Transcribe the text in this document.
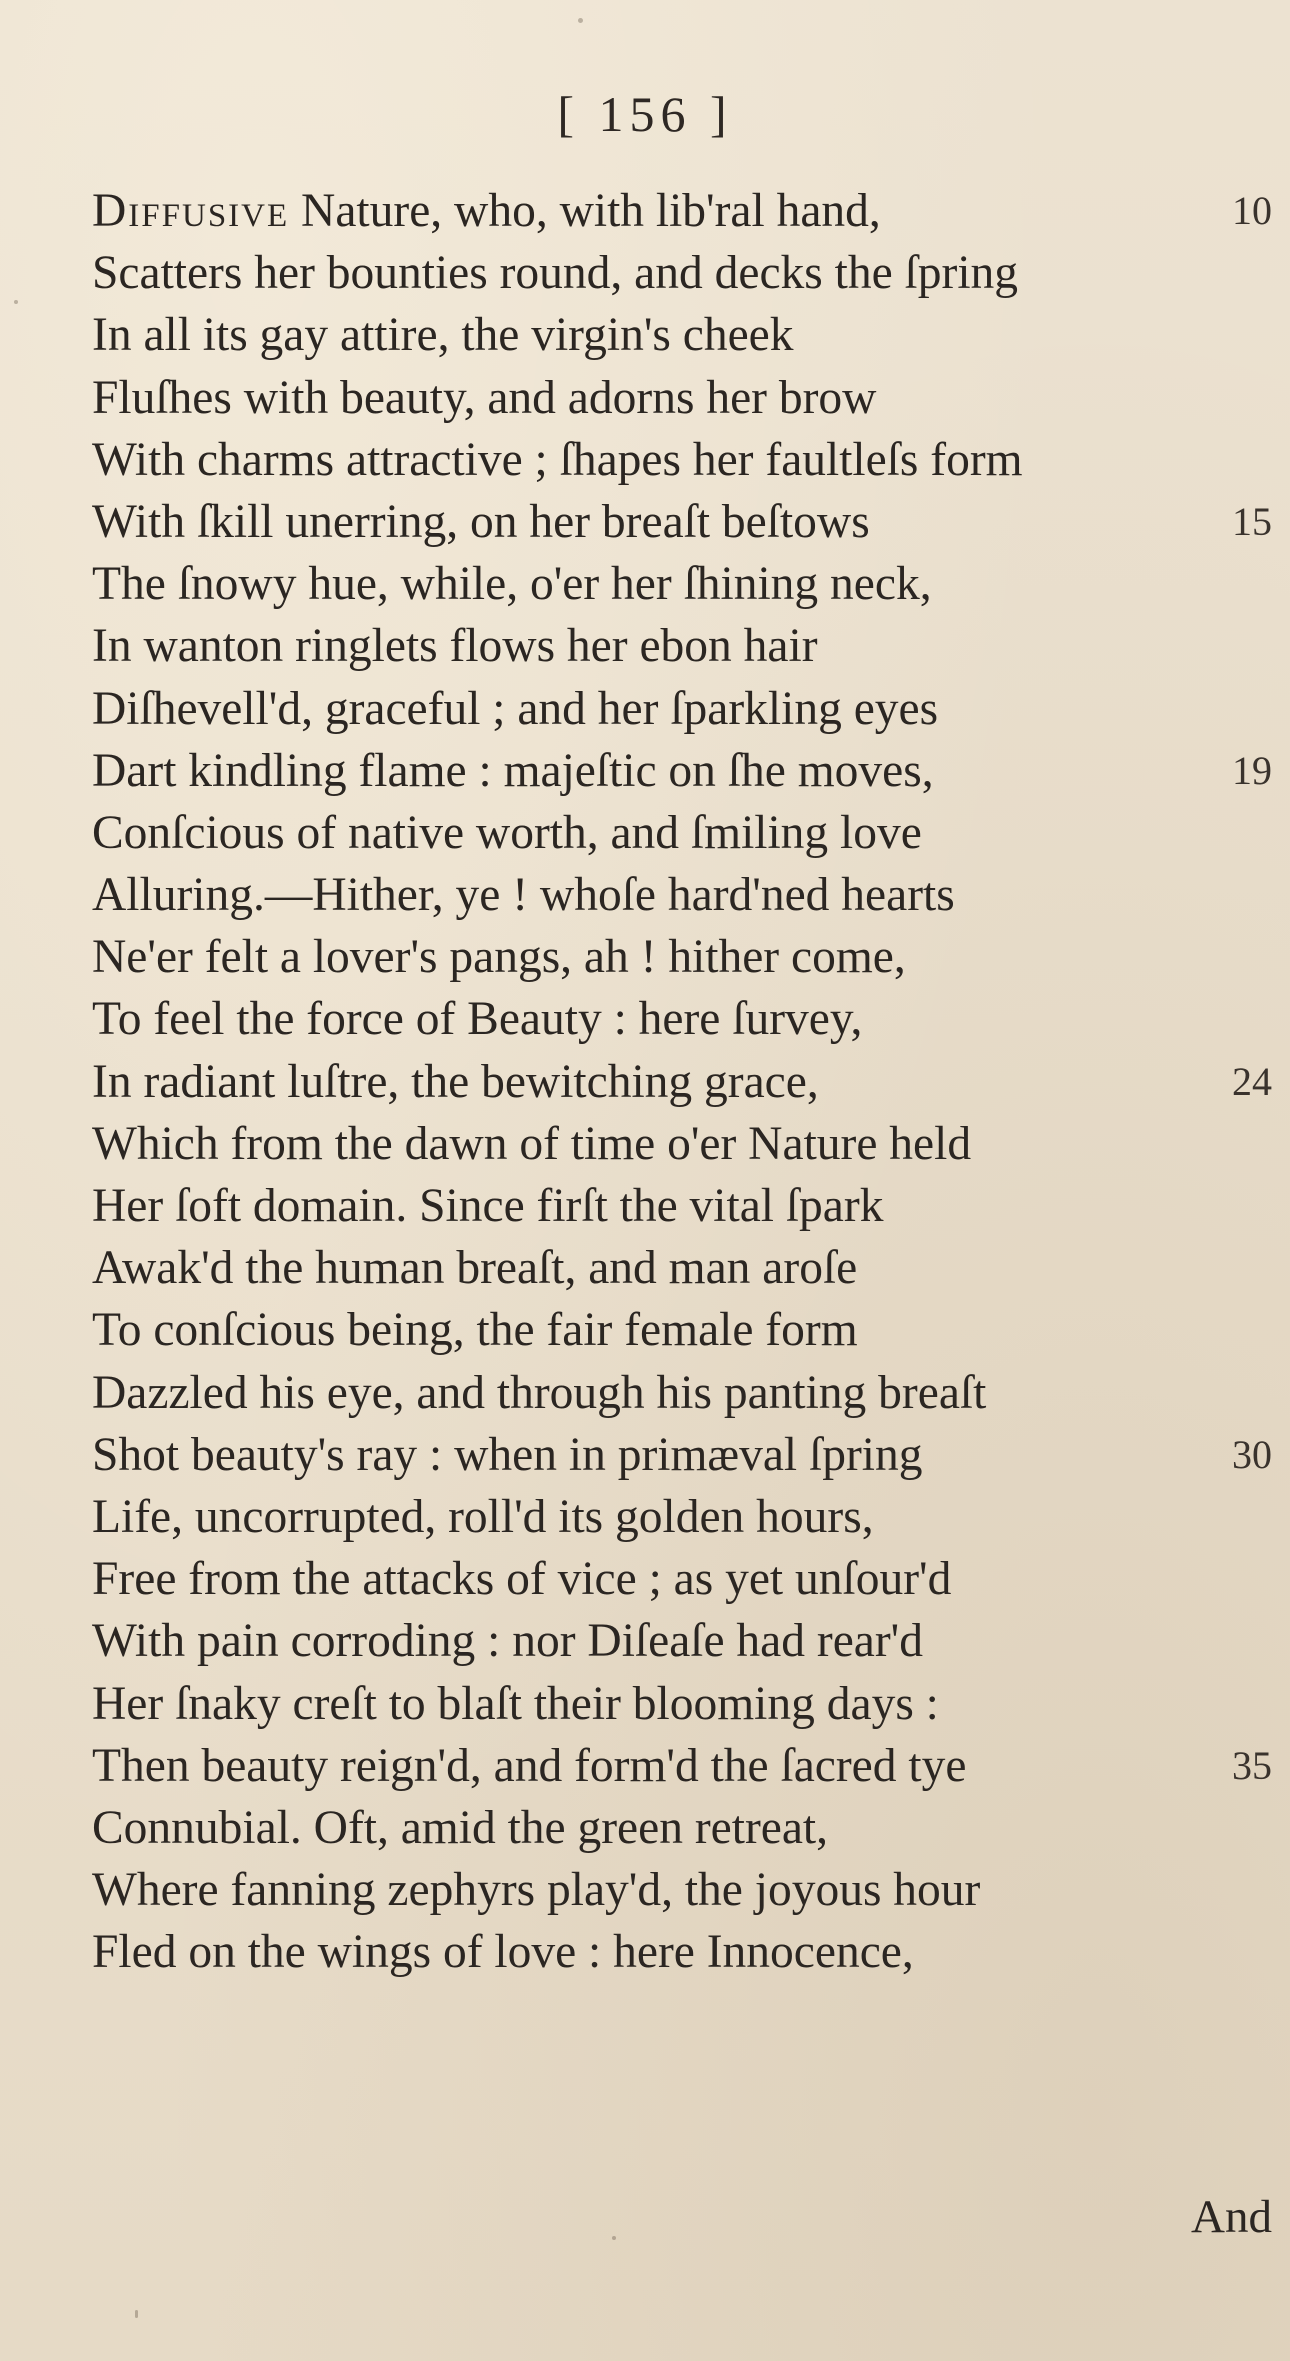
[ 156 ]
Diffusive Nature, who, with lib'ral hand,	10
Scatters her bounties round, and decks the ſpring
In all its gay attire, the virgin's cheek
Fluſhes with beauty, and adorns her brow
With charms attractive ; ſhapes her faultleſs form
With ſkill unerring, on her breaſt beſtows	15
The ſnowy hue, while, o'er her ſhining neck,
In wanton ringlets flows her ebon hair
Diſhevell'd, graceful ; and her ſparkling eyes
Dart kindling flame : majeſtic on ſhe moves,	19
Conſcious of native worth, and ſmiling love
Alluring.—Hither, ye ! whoſe hard'ned hearts
Ne'er felt a lover's pangs, ah ! hither come,
To feel the force of Beauty : here ſurvey,
In radiant luſtre, the bewitching grace,	24
Which from the dawn of time o'er Nature held
Her ſoft domain. Since firſt the vital ſpark
Awak'd the human breaſt, and man aroſe
To conſcious being, the fair female form
Dazzled his eye, and through his panting breaſt
Shot beauty's ray : when in primæval ſpring	30
Life, uncorrupted, roll'd its golden hours,
Free from the attacks of vice ; as yet unſour'd
With pain corroding : nor Diſeaſe had rear'd
Her ſnaky creſt to blaſt their blooming days :
Then beauty reign'd, and form'd the ſacred tye	35
Connubial. Oft, amid the green retreat,
Where fanning zephyrs play'd, the joyous hour
Fled on the wings of love : here Innocence,
And
